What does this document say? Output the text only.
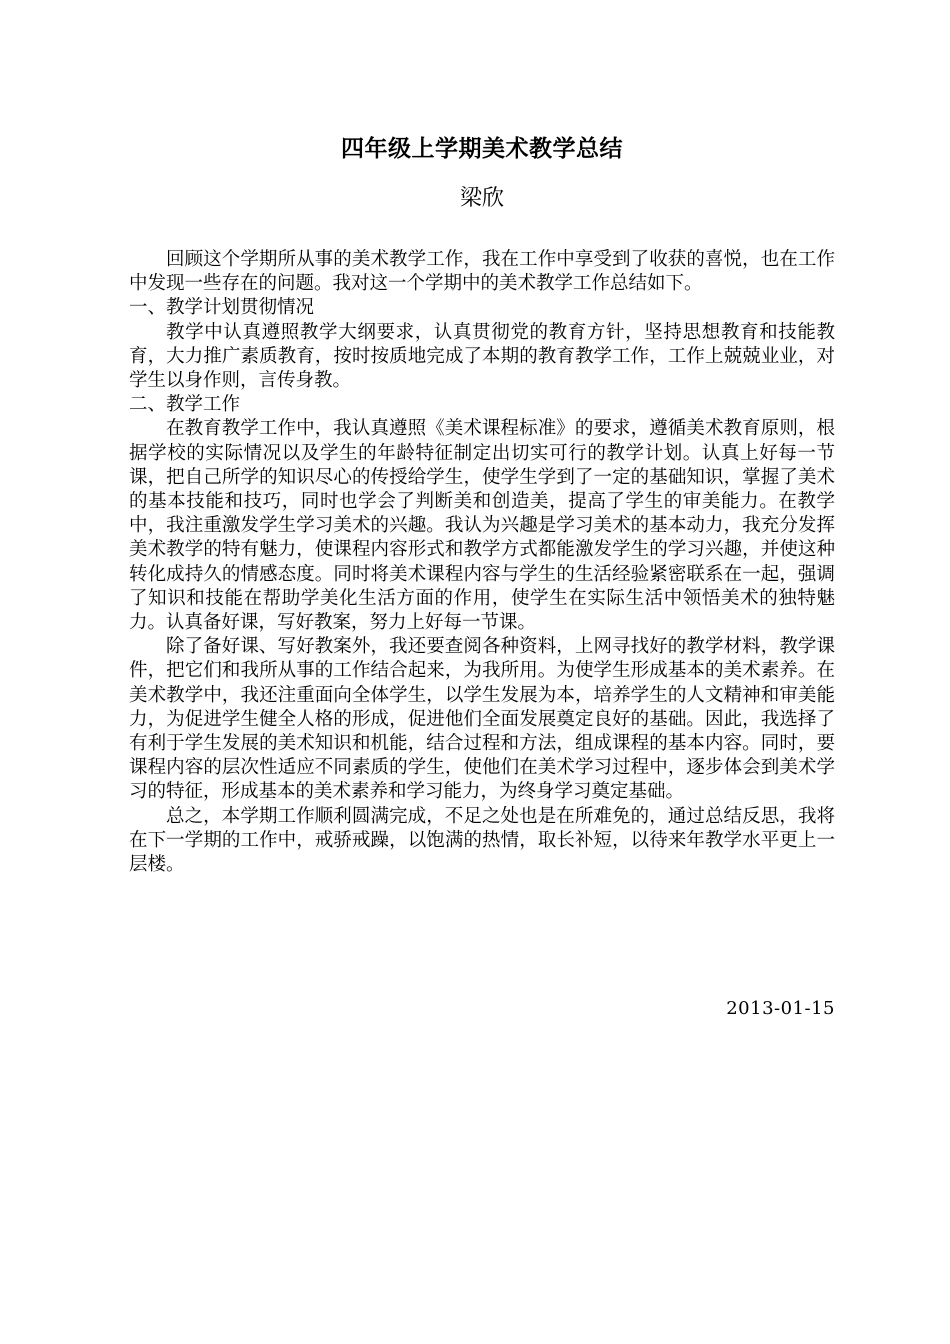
四年级上学期美术教学总结
梁欣

回顾这个学期所从事的美术教学工作，我在工作中享受到了收获的喜悦，也在工作中发现一些存在的问题。我对这一个学期中的美术教学工作总结如下。

一、教学计划贯彻情况

教学中认真遵照教学大纲要求，认真贯彻党的教育方针，坚持思想教育和技能教育，大力推广素质教育，按时按质地完成了本期的教育教学工作，工作上兢兢业业，对学生以身作则，言传身教。

二、教学工作

在教育教学工作中，我认真遵照《美术课程标准》的要求，遵循美术教育原则，根据学校的实际情况以及学生的年龄特征制定出切实可行的教学计划。认真上好每一节课，把自己所学的知识尽心的传授给学生，使学生学到了一定的基础知识，掌握了美术的基本技能和技巧，同时也学会了判断美和创造美，提高了学生的审美能力。在教学中，我注重激发学生学习美术的兴趣。我认为兴趣是学习美术的基本动力，我充分发挥美术教学的特有魅力，使课程内容形式和教学方式都能激发学生的学习兴趣，并使这种转化成持久的情感态度。同时将美术课程内容与学生的生活经验紧密联系在一起，强调了知识和技能在帮助学美化生活方面的作用，使学生在实际生活中领悟美术的独特魅力。认真备好课，写好教案，努力上好每一节课。

除了备好课、写好教案外，我还要查阅各种资料，上网寻找好的教学材料，教学课件，把它们和我所从事的工作结合起来，为我所用。为使学生形成基本的美术素养。在美术教学中，我还注重面向全体学生，以学生发展为本，培养学生的人文精神和审美能力，为促进学生健全人格的形成，促进他们全面发展奠定良好的基础。因此，我选择了有利于学生发展的美术知识和机能，结合过程和方法，组成课程的基本内容。同时，要课程内容的层次性适应不同素质的学生，使他们在美术学习过程中，逐步体会到美术学习的特征，形成基本的美术素养和学习能力，为终身学习奠定基础。

总之，本学期工作顺利圆满完成，不足之处也是在所难免的，通过总结反思，我将在下一学期的工作中，戒骄戒躁，以饱满的热情，取长补短，以待来年教学水平更上一层楼。

2013-01-15
